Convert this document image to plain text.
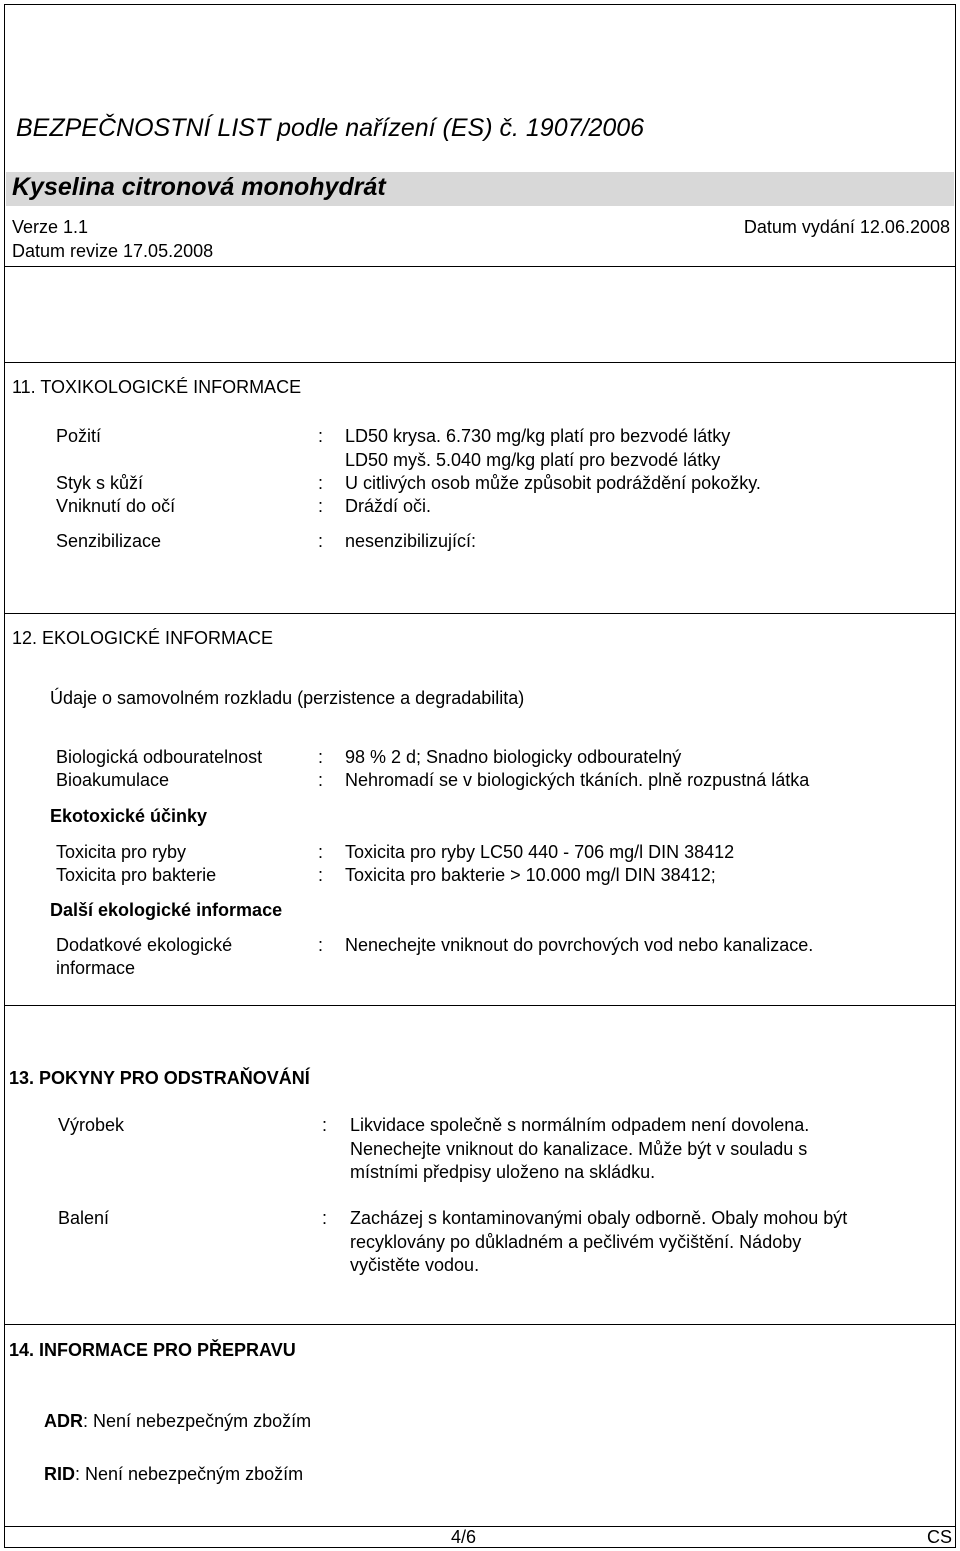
BEZPEČNOSTNÍ LIST podle nařízení (ES) č. 1907/2006
Kyselina citronová monohydrát
Verze 1.1	Datum vydání 12.06.2008
Datum revize 17.05.2008
11. TOXIKOLOGICKÉ INFORMACE
Požití	: LD50 krysa. 6.730 mg/kg platí pro bezvodé látky
LD50 myš. 5.040 mg/kg platí pro bezvodé látky
Styk s kůží	: U citlivých osob může způsobit podráždění pokožky.
Vniknutí do očí	: Dráždí oči.
Senzibilizace	: nesenzibilizující:
12. EKOLOGICKÉ INFORMACE
Údaje o samovolném rozkladu (perzistence a degradabilita)
Biologická odbouratelnost	: 98 % 2 d; Snadno biologicky odbouratelný
Bioakumulace	: Nehromadí se v biologických tkáních. plně rozpustná látka
Ekotoxické účinky
Toxicita pro ryby	: Toxicita pro ryby LC50 440 - 706 mg/l DIN 38412
Toxicita pro bakterie	: Toxicita pro bakterie > 10.000 mg/l DIN 38412;
Další ekologické informace
Dodatkové ekologické
informace
: Nenechejte vniknout do povrchových vod nebo kanalizace.
13. POKYNY PRO ODSTRAŇOVÁNÍ
Výrobek	: Likvidace společně s normálním odpadem není dovolena.
Nenechejte vniknout do kanalizace. Může být v souladu s
místními předpisy uloženo na skládku.
Balení	: Zacházej s kontaminovanými obaly odborně. Obaly mohou být
recyklovány po důkladném a pečlivém vyčištění. Nádoby
vyčistěte vodou.
14. INFORMACE PRO PŘEPRAVU
ADR: Není nebezpečným zbožím
RID: Není nebezpečným zbožím
4/6	CS
